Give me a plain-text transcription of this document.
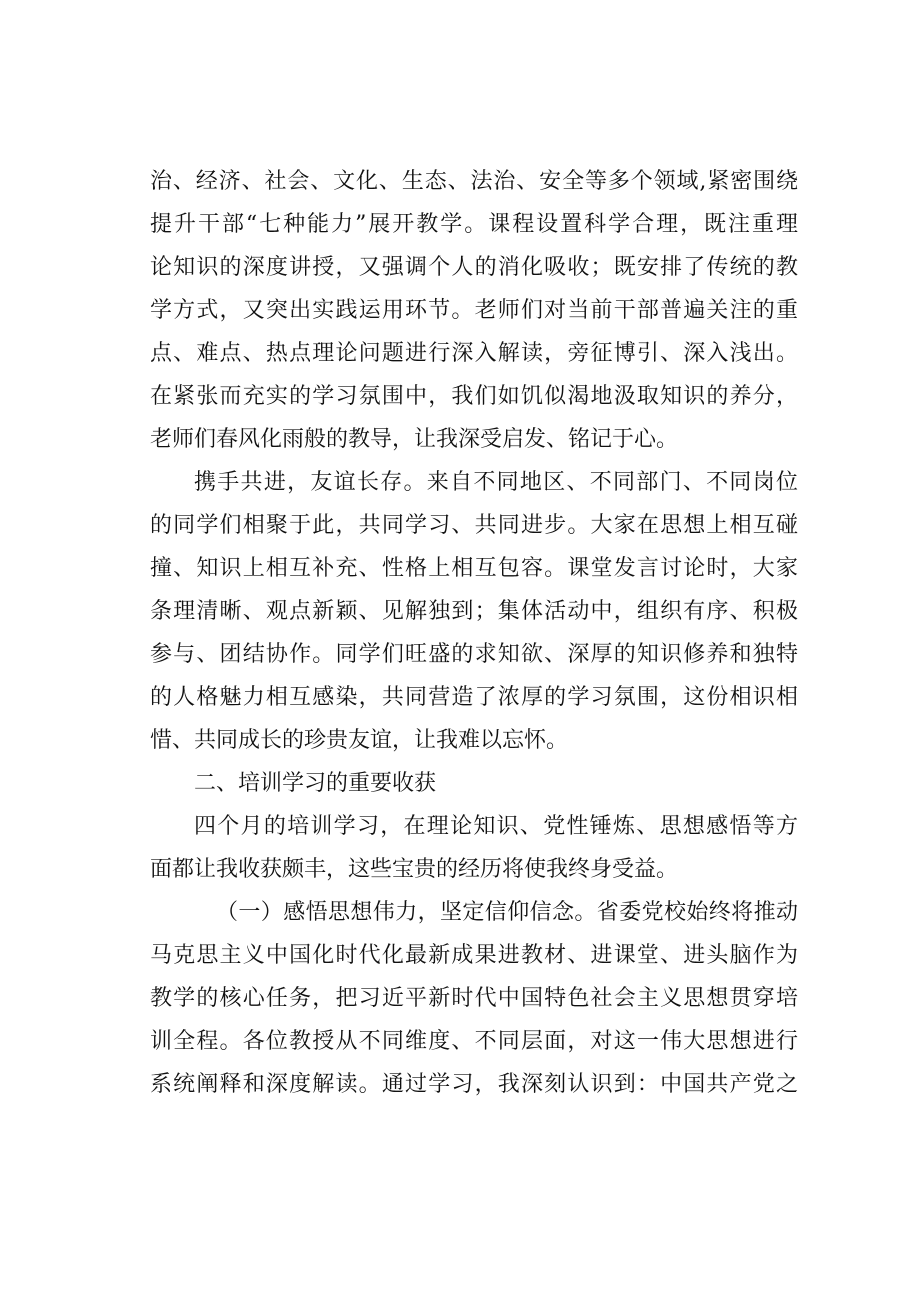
治、经济、社会、文化、生态、法治、安全等多个领域,紧密围绕
提升干部“七种能力”展开教学。课程设置科学合理，既注重理
论知识的深度讲授，又强调个人的消化吸收；既安排了传统的教
学方式，又突出实践运用环节。老师们对当前干部普遍关注的重
点、难点、热点理论问题进行深入解读，旁征博引、深入浅出。
在紧张而充实的学习氛围中，我们如饥似渴地汲取知识的养分，
老师们春风化雨般的教导，让我深受启发、铭记于心。
携手共进，友谊长存。来自不同地区、不同部门、不同岗位
的同学们相聚于此，共同学习、共同进步。大家在思想上相互碰
撞、知识上相互补充、性格上相互包容。课堂发言讨论时，大家
条理清晰、观点新颖、见解独到；集体活动中，组织有序、积极
参与、团结协作。同学们旺盛的求知欲、深厚的知识修养和独特
的人格魅力相互感染，共同营造了浓厚的学习氛围，这份相识相
惜、共同成长的珍贵友谊，让我难以忘怀。
二、培训学习的重要收获
四个月的培训学习，在理论知识、党性锤炼、思想感悟等方
面都让我收获颇丰，这些宝贵的经历将使我终身受益。
（一）感悟思想伟力，坚定信仰信念。省委党校始终将推动
马克思主义中国化时代化最新成果进教材、进课堂、进头脑作为
教学的核心任务，把习近平新时代中国特色社会主义思想贯穿培
训全程。各位教授从不同维度、不同层面，对这一伟大思想进行
系统阐释和深度解读。通过学习，我深刻认识到：中国共产党之
